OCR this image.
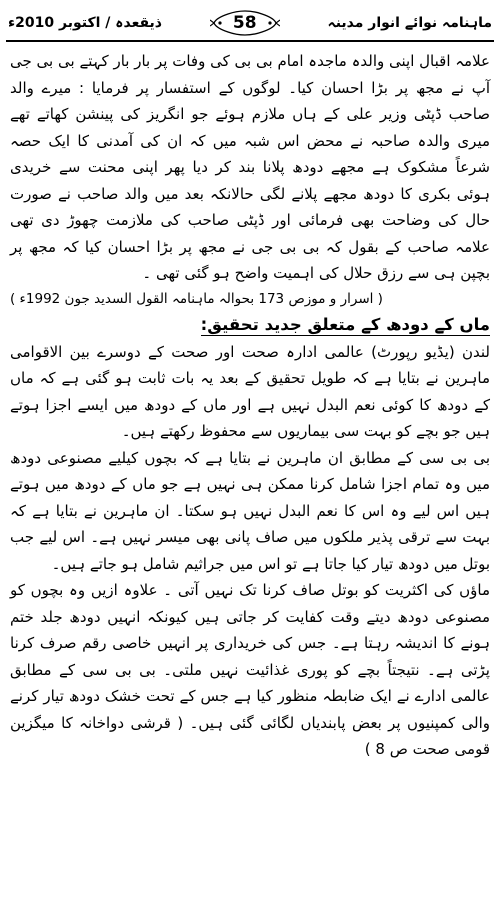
ماہنامہ نوائے انوار مدینہ
58
ذیقعدہ / اکتوبر 2010ء

علامہ اقبال اپنی والدہ ماجدہ امام بی بی کی وفات پر بار بار کہتے بی بی جی آپ نے مجھ پر بڑا احسان کیا۔ لوگوں کے استفسار پر فرمایا : میرے والد صاحب ڈپٹی وزیر علی کے ہاں ملازم ہوئے جو انگریز کی پینشن کھاتے تھے میری والدہ صاحبہ نے محض اس شبہ میں کہ ان کی آمدنی کا ایک حصہ شرعاً مشکوک ہے مجھے دودھ پلانا بند کر دیا پھر اپنی محنت سے خریدی ہوئی بکری کا دودھ مجھے پلانے لگی حالانکہ بعد میں والد صاحب نے صورت حال کی وضاحت بھی فرمائی اور ڈپٹی صاحب کی ملازمت چھوڑ دی تھی علامہ صاحب کے بقول کہ بی بی جی نے مجھ پر بڑا احسان کیا کہ مجھ پر بچپن ہی سے رزق حلال کی اہمیت واضح ہو گئی تھی ۔

( اسرار و موزص 173 بحوالہ ماہنامہ القول السدید جون 1992ء )

ماں کے دودھ کے متعلق جدید تحقیق:

لندن (یڈیو رپورٹ) عالمی ادارہ صحت اور صحت کے دوسرے بین الاقوامی ماہرین نے بتایا ہے کہ طویل تحقیق کے بعد یہ بات ثابت ہو گئی ہے کہ ماں کے دودھ کا کوئی نعم البدل نہیں ہے اور ماں کے دودھ میں ایسے اجزا ہوتے ہیں جو بچے کو بہت سی بیماریوں سے محفوظ رکھتے ہیں۔

بی بی سی کے مطابق ان ماہرین نے بتایا ہے کہ بچوں کیلیے مصنوعی دودھ میں وہ تمام اجزا شامل کرنا ممکن ہی نہیں ہے جو ماں کے دودھ میں ہوتے ہیں اس لیے وہ اس کا نعم البدل نہیں ہو سکتا۔ ان ماہرین نے بتایا ہے کہ بہت سے ترقی پذیر ملکوں میں صاف پانی بھی میسر نہیں ہے۔ اس لیے جب بوتل میں دودھ تیار کیا جاتا ہے تو اس میں جراثیم شامل ہو جاتے ہیں۔

ماؤں کی اکثریت کو بوتل صاف کرنا تک نہیں آتی ۔ علاوہ ازیں وہ بچوں کو مصنوعی دودھ دیتے وقت کفایت کر جاتی ہیں کیونکہ انہیں دودھ جلد ختم ہونے کا اندیشہ رہتا ہے۔ جس کی خریداری پر انہیں خاصی رقم صرف کرنا پڑتی ہے۔ نتیجتاً بچے کو پوری غذائیت نہیں ملتی۔ بی بی سی کے مطابق عالمی ادارے نے ایک ضابطہ منظور کیا ہے جس کے تحت خشک دودھ تیار کرنے والی کمپنیوں پر بعض پابندیاں لگائی گئی ہیں۔ ( قرشی دواخانہ کا میگزین قومی صحت ص 8 )
